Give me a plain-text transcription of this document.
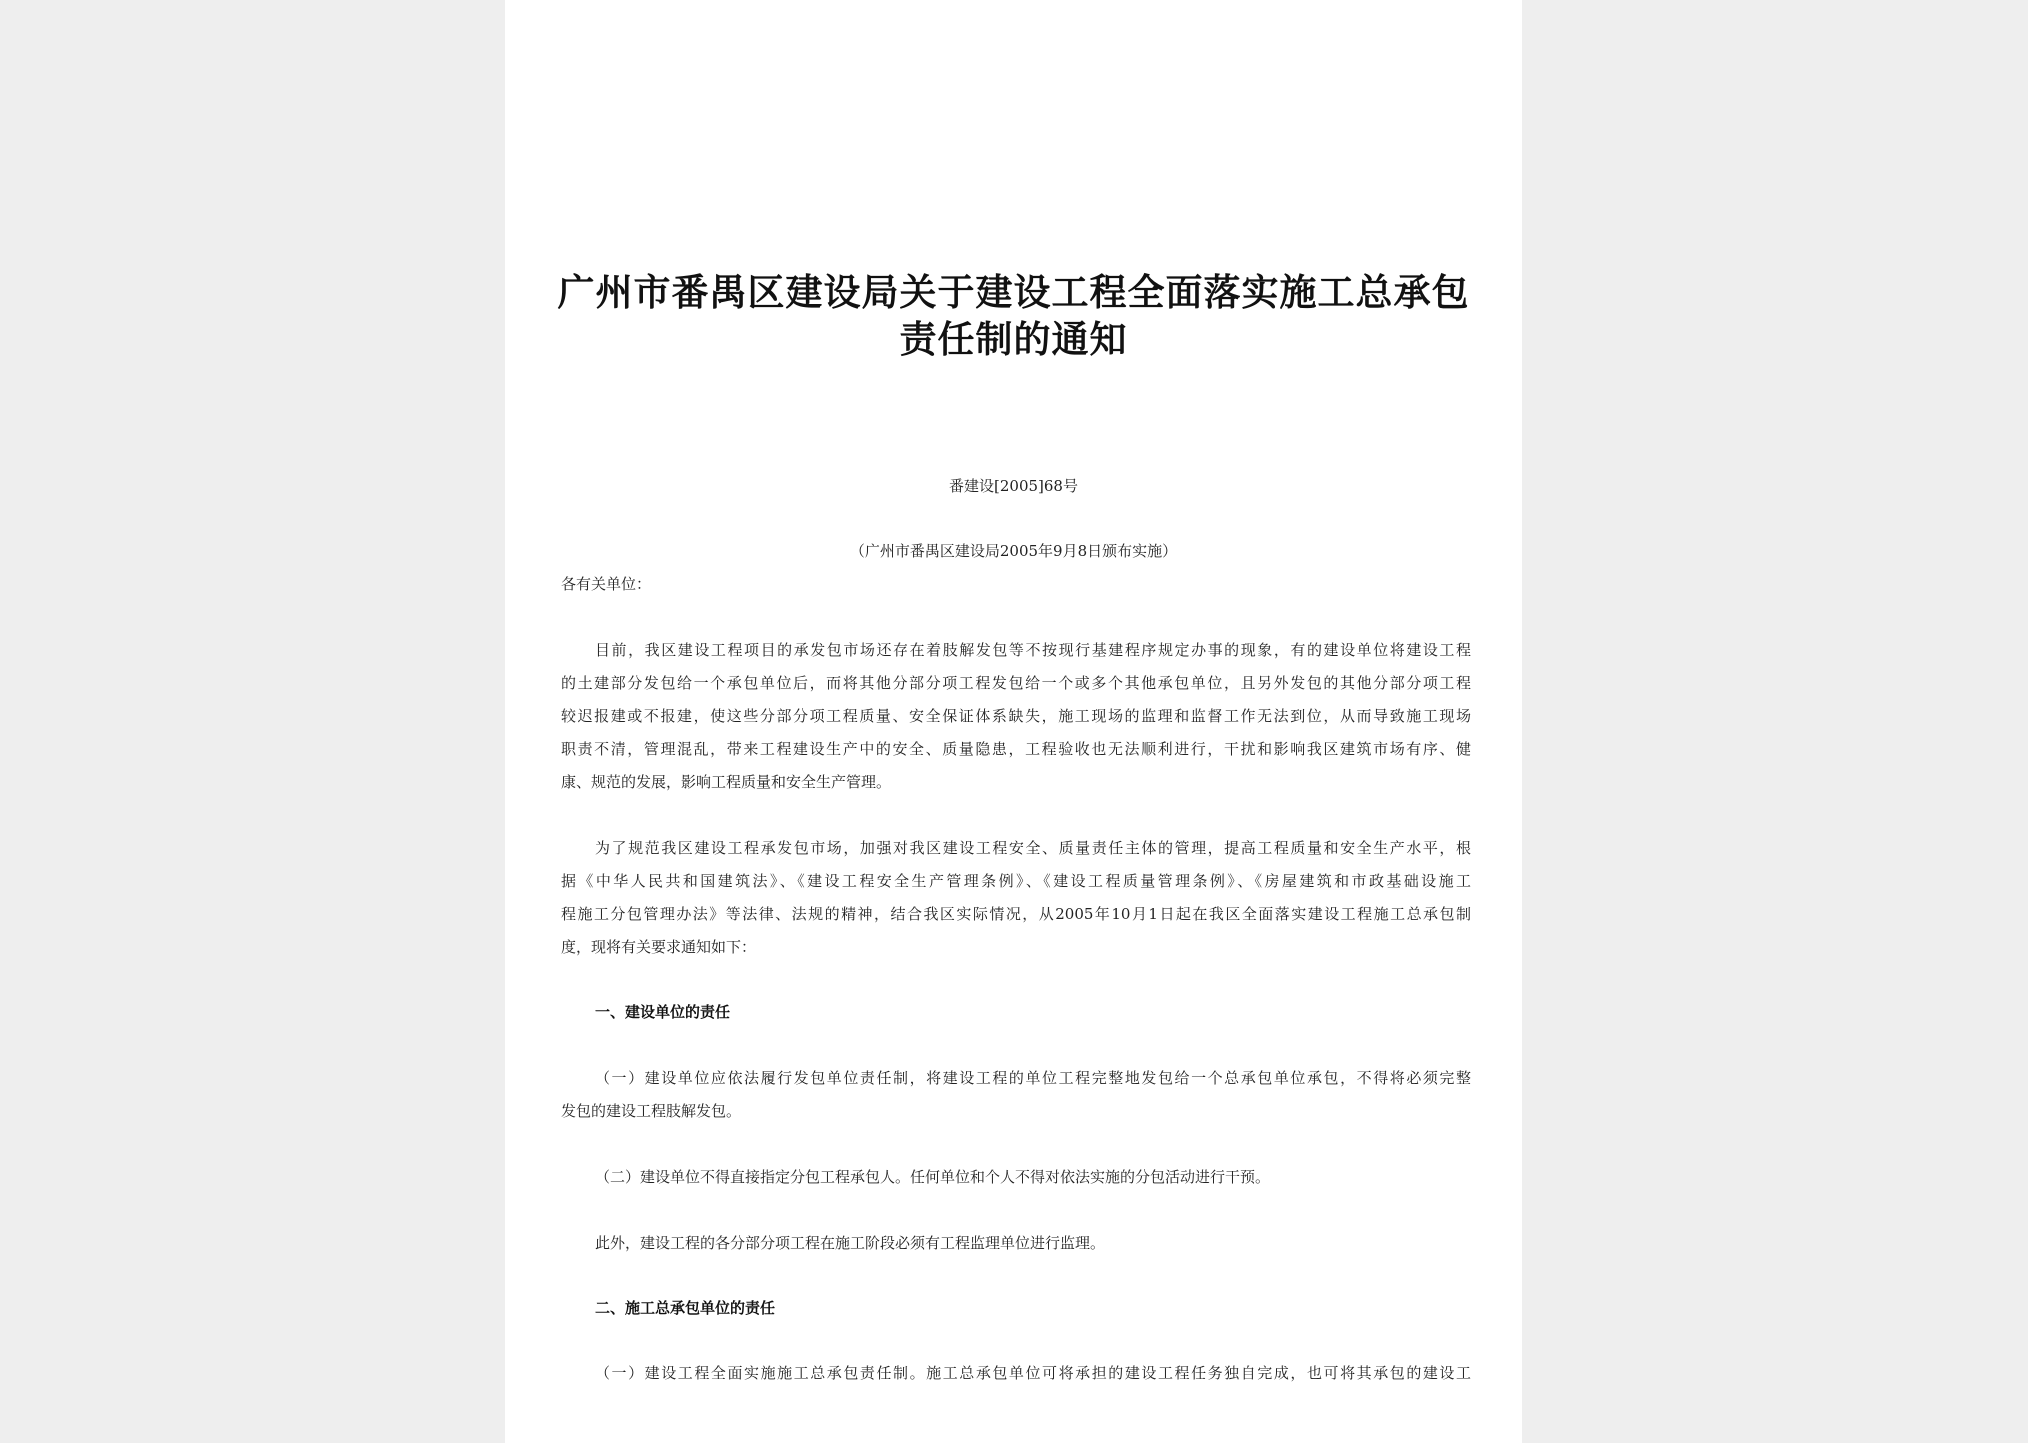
广州市番禺区建设局关于建设工程全面落实施工总承包
责任制的通知
番建设[2005]68号
（广州市番禺区建设局2005年9月8日颁布实施）
各有关单位：
目前，我区建设工程项目的承发包市场还存在着肢解发包等不按现行基建程序规定办事的现象，有的建设单位将建设工程
的土建部分发包给一个承包单位后，而将其他分部分项工程发包给一个或多个其他承包单位，且另外发包的其他分部分项工程
较迟报建或不报建，使这些分部分项工程质量、安全保证体系缺失，施工现场的监理和监督工作无法到位，从而导致施工现场
职责不清，管理混乱，带来工程建设生产中的安全、质量隐患，工程验收也无法顺利进行，干扰和影响我区建筑市场有序、健
康、规范的发展，影响工程质量和安全生产管理。
为了规范我区建设工程承发包市场，加强对我区建设工程安全、质量责任主体的管理，提高工程质量和安全生产水平，根
据《中华人民共和国建筑法》、《建设工程安全生产管理条例》、《建设工程质量管理条例》、《房屋建筑和市政基础设施工
程施工分包管理办法》等法律、法规的精神，结合我区实际情况，从2005年10月1日起在我区全面落实建设工程施工总承包制
度，现将有关要求通知如下：
一、建设单位的责任
（一）建设单位应依法履行发包单位责任制，将建设工程的单位工程完整地发包给一个总承包单位承包，不得将必须完整
发包的建设工程肢解发包。
（二）建设单位不得直接指定分包工程承包人。任何单位和个人不得对依法实施的分包活动进行干预。
此外，建设工程的各分部分项工程在施工阶段必须有工程监理单位进行监理。
二、施工总承包单位的责任
（一）建设工程全面实施施工总承包责任制。施工总承包单位可将承担的建设工程任务独自完成，也可将其承包的建设工
